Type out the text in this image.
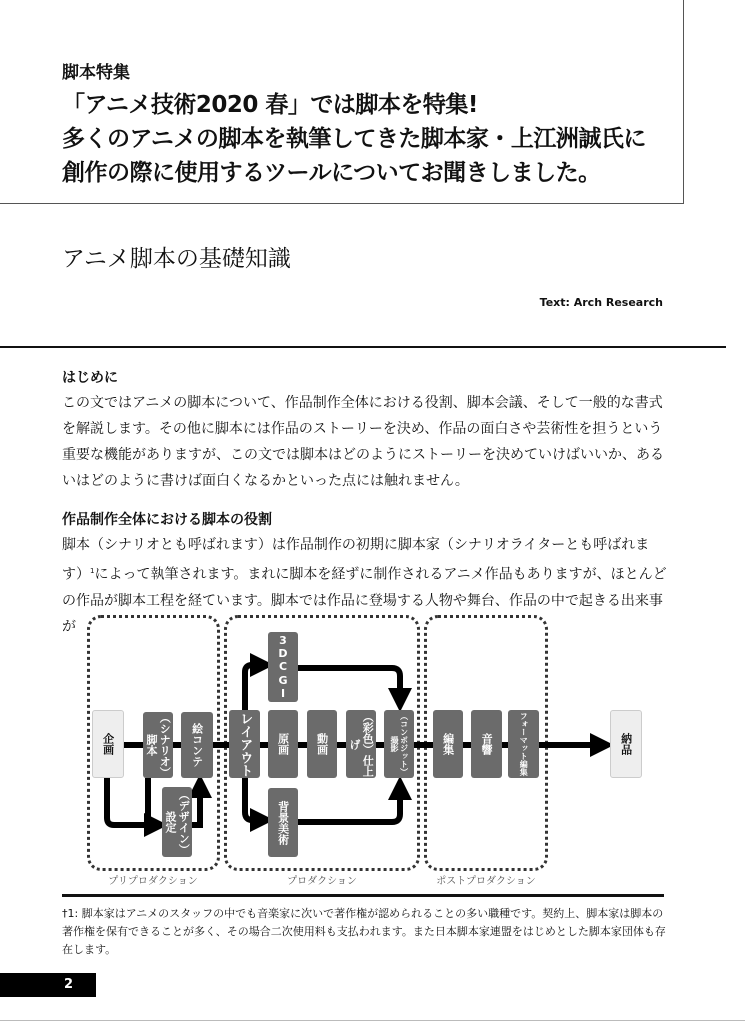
脚本特集
「アニメ技術2020 春」では脚本を特集!
多くのアニメの脚本を執筆してきた脚本家・上江洲誠氏に
創作の際に使用するツールについてお聞きしました。
アニメ脚本の基礎知識
Text: Arch Research
はじめに

この文ではアニメの脚本について、作品制作全体における役割、脚本会議、そして一般的な書式を解説します。その他に脚本には作品のストーリーを決め、作品の面白さや芸術性を担うという重要な機能がありますが、この文では脚本はどのようにストーリーを決めていけばいいか、あるいはどのように書けば面白くなるかといった点には触れません。

作品制作全体における脚本の役割

脚本（シナリオとも呼ばれます）は作品制作の初期に脚本家（シナリオライターとも呼ばれます）$^1$によって執筆されます。まれに脚本を経ずに制作されるアニメ作品もありますが、ほとんどの作品が脚本工程を経ています。脚本では作品に登場する人物や舞台、作品の中で起きる出来事が

プリプロダクション	プロダクション	ポストプロダクション
企画	（シナリオ）脚本	絵コンテ
（デザイン）設定
レイアウト
3DCGI
原画	動画	（彩色）仕上げ	（コンポジット）撮影
背景美術
編集	音響	フォーマット編集	納品
†1: 脚本家はアニメのスタッフの中でも音楽家に次いで著作権が認められることの多い職種です。契約上、脚本家は脚本の著作権を保有できることが多く、その場合二次使用料も支払われます。また日本脚本家連盟をはじめとした脚本家団体も存在します。
2
